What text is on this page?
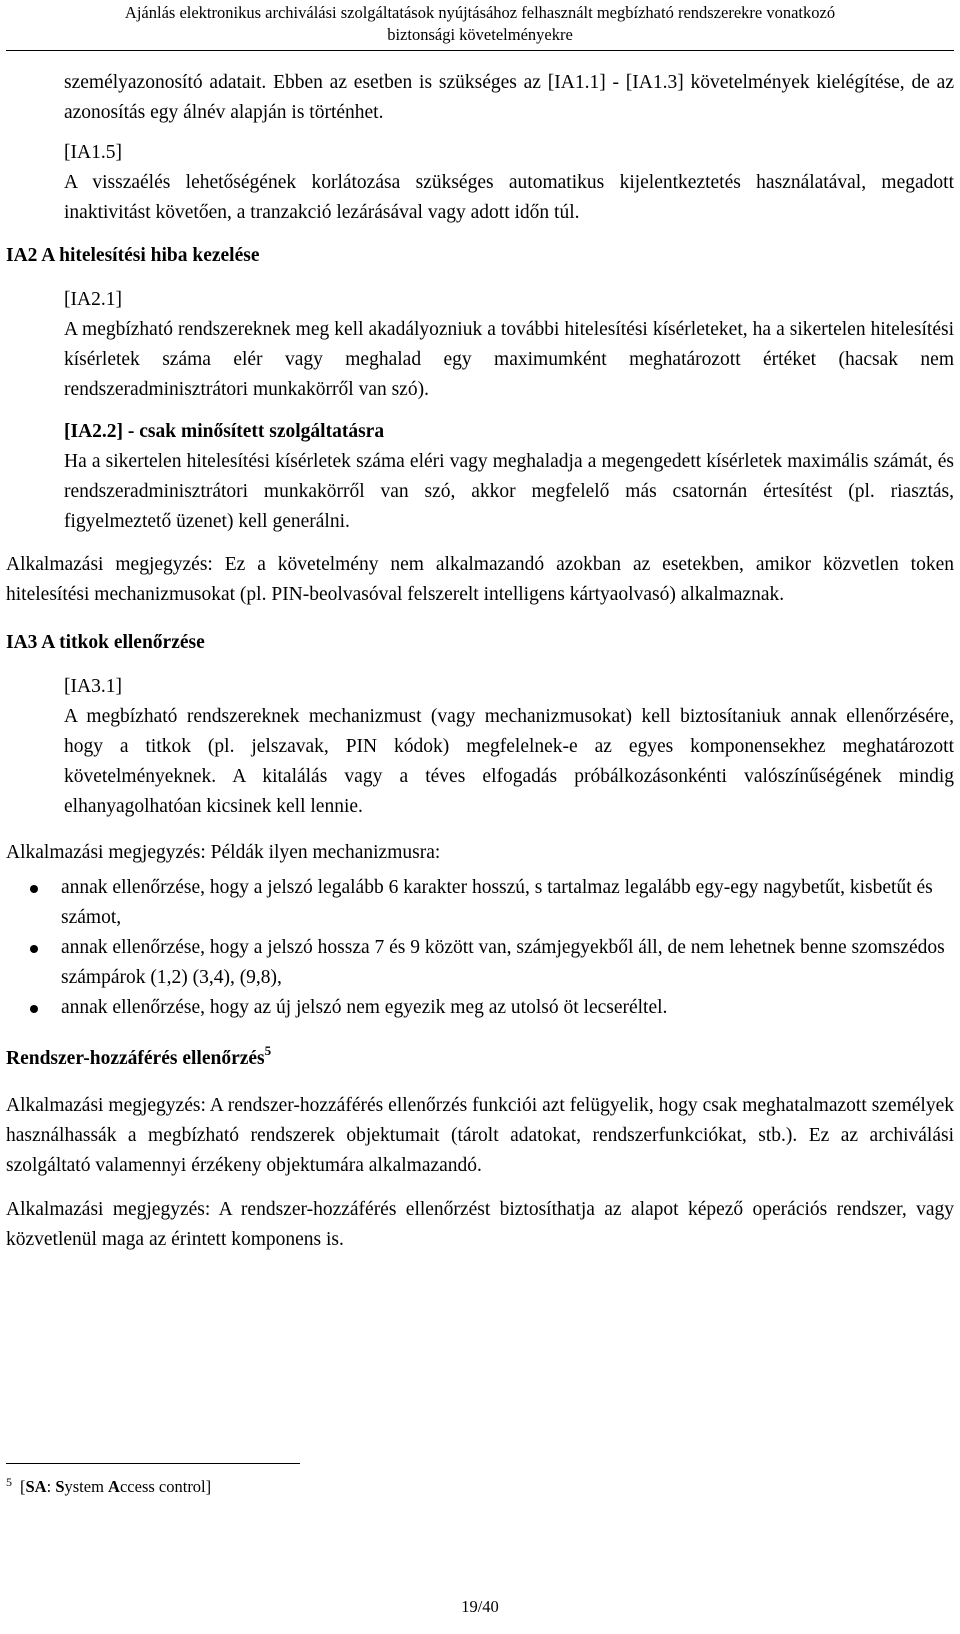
Ajánlás elektronikus archiválási szolgáltatások nyújtásához felhasznált megbízható rendszerekre vonatkozó
biztonsági követelményekre

személyazonosító adatait. Ebben az esetben is szükséges az [IA1.1] - [IA1.3] követelmények kielégítése, de az azonosítás egy álnév alapján is történhet.

[IA1.5]

A visszaélés lehetőségének korlátozása szükséges automatikus kijelentkeztetés használatával, megadott inaktivitást követően, a tranzakció lezárásával vagy adott időn túl.

IA2 A hitelesítési hiba kezelése

[IA2.1]

A megbízható rendszereknek meg kell akadályozniuk a további hitelesítési kísérleteket, ha a sikertelen hitelesítési kísérletek száma elér vagy meghalad egy maximumként meghatározott értéket (hacsak nem rendszeradminisztrátori munkakörről van szó).

[IA2.2] - csak minősített szolgáltatásra

Ha a sikertelen hitelesítési kísérletek száma eléri vagy meghaladja a megengedett kísérletek maximális számát, és rendszeradminisztrátori munkakörről van szó, akkor megfelelő más csatornán értesítést (pl. riasztás, figyelmeztető üzenet) kell generálni.

Alkalmazási megjegyzés: Ez a követelmény nem alkalmazandó azokban az esetekben, amikor közvetlen token hitelesítési mechanizmusokat (pl. PIN-beolvasóval felszerelt intelligens kártyaolvasó) alkalmaznak.

IA3 A titkok ellenőrzése

[IA3.1]

A megbízható rendszereknek mechanizmust (vagy mechanizmusokat) kell biztosítaniuk annak ellenőrzésére, hogy a titkok (pl. jelszavak, PIN kódok) megfelelnek-e az egyes komponensekhez meghatározott követelményeknek. A kitalálás vagy a téves elfogadás próbálkozásonkénti valószínűségének mindig elhanyagolhatóan kicsinek kell lennie.

Alkalmazási megjegyzés: Példák ilyen mechanizmusra:

annak ellenőrzése, hogy a jelszó legalább 6 karakter hosszú, s tartalmaz legalább egy-egy nagybetűt, kisbetűt és számot,
annak ellenőrzése, hogy a jelszó hossza 7 és 9 között van, számjegyekből áll, de nem lehetnek benne szomszédos számpárok (1,2) (3,4), (9,8),
annak ellenőrzése, hogy az új jelszó nem egyezik meg az utolsó öt lecseréltel.

Rendszer-hozzáférés ellenőrzés$^5$

Alkalmazási megjegyzés: A rendszer-hozzáférés ellenőrzés funkciói azt felügyelik, hogy csak meghatalmazott személyek használhassák a megbízható rendszerek objektumait (tárolt adatokat, rendszerfunkciókat, stb.). Ez az archiválási szolgáltató valamennyi érzékeny objektumára alkalmazandó.

Alkalmazási megjegyzés: A rendszer-hozzáférés ellenőrzést biztosíthatja az alapot képező operációs rendszer, vagy közvetlenül maga az érintett komponens is.

$^5$ [SA: System Access control]
19/40
